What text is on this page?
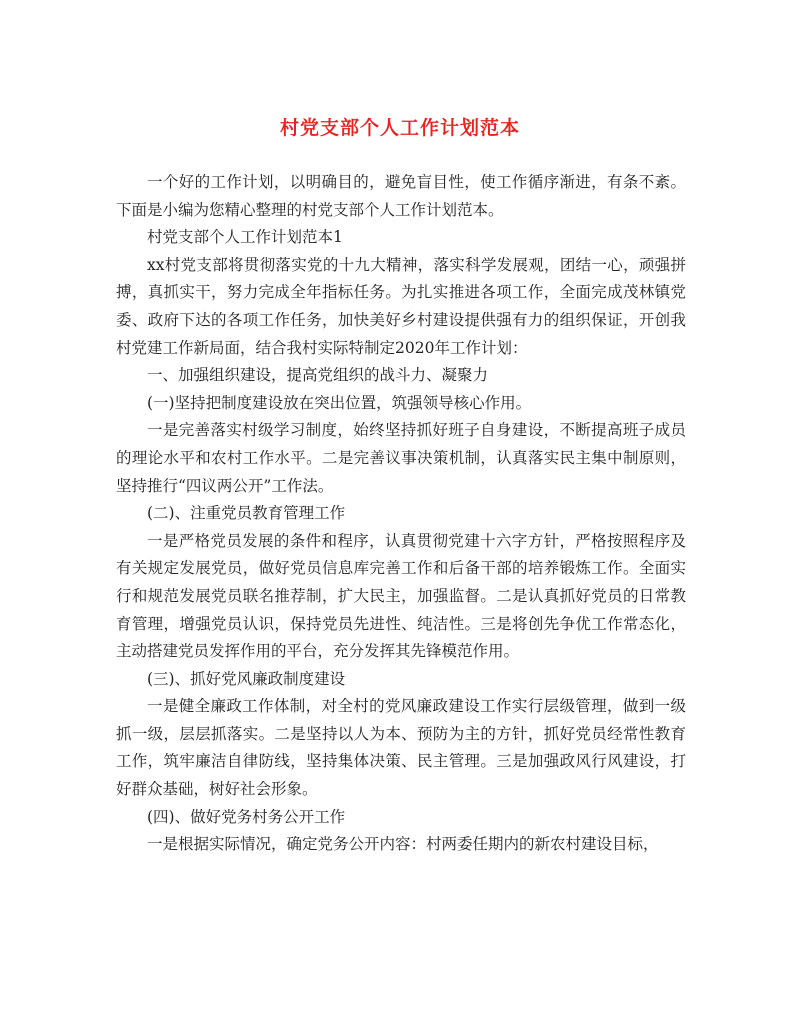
村党支部个人工作计划范本

一个好的工作计划，以明确目的，避免盲目性，使工作循序渐进，有条不紊。下面是小编为您精心整理的村党支部个人工作计划范本。

村党支部个人工作计划范本1

xx村党支部将贯彻落实党的十九大精神，落实科学发展观，团结一心，顽强拼搏，真抓实干，努力完成全年指标任务。为扎实推进各项工作，全面完成茂林镇党委、政府下达的各项工作任务，加快美好乡村建设提供强有力的组织保证，开创我村党建工作新局面，结合我村实际特制定2020年工作计划：

一、加强组织建设，提高党组织的战斗力、凝聚力

(一)坚持把制度建设放在突出位置，筑强领导核心作用。

一是完善落实村级学习制度，始终坚持抓好班子自身建设，不断提高班子成员的理论水平和农村工作水平。二是完善议事决策机制，认真落实民主集中制原则，坚持推行“四议两公开”工作法。

(二)、注重党员教育管理工作

一是严格党员发展的条件和程序，认真贯彻党建十六字方针，严格按照程序及有关规定发展党员，做好党员信息库完善工作和后备干部的培养锻炼工作。全面实行和规范发展党员联名推荐制，扩大民主，加强监督。二是认真抓好党员的日常教育管理，增强党员认识，保持党员先进性、纯洁性。三是将创先争优工作常态化，主动搭建党员发挥作用的平台，充分发挥其先锋模范作用。

(三)、抓好党风廉政制度建设

一是健全廉政工作体制，对全村的党风廉政建设工作实行层级管理，做到一级抓一级，层层抓落实。二是坚持以人为本、预防为主的方针，抓好党员经常性教育工作，筑牢廉洁自律防线，坚持集体决策、民主管理。三是加强政风行风建设，打好群众基础，树好社会形象。

(四)、做好党务村务公开工作

一是根据实际情况，确定党务公开内容：村两委任期内的新农村建设目标，
